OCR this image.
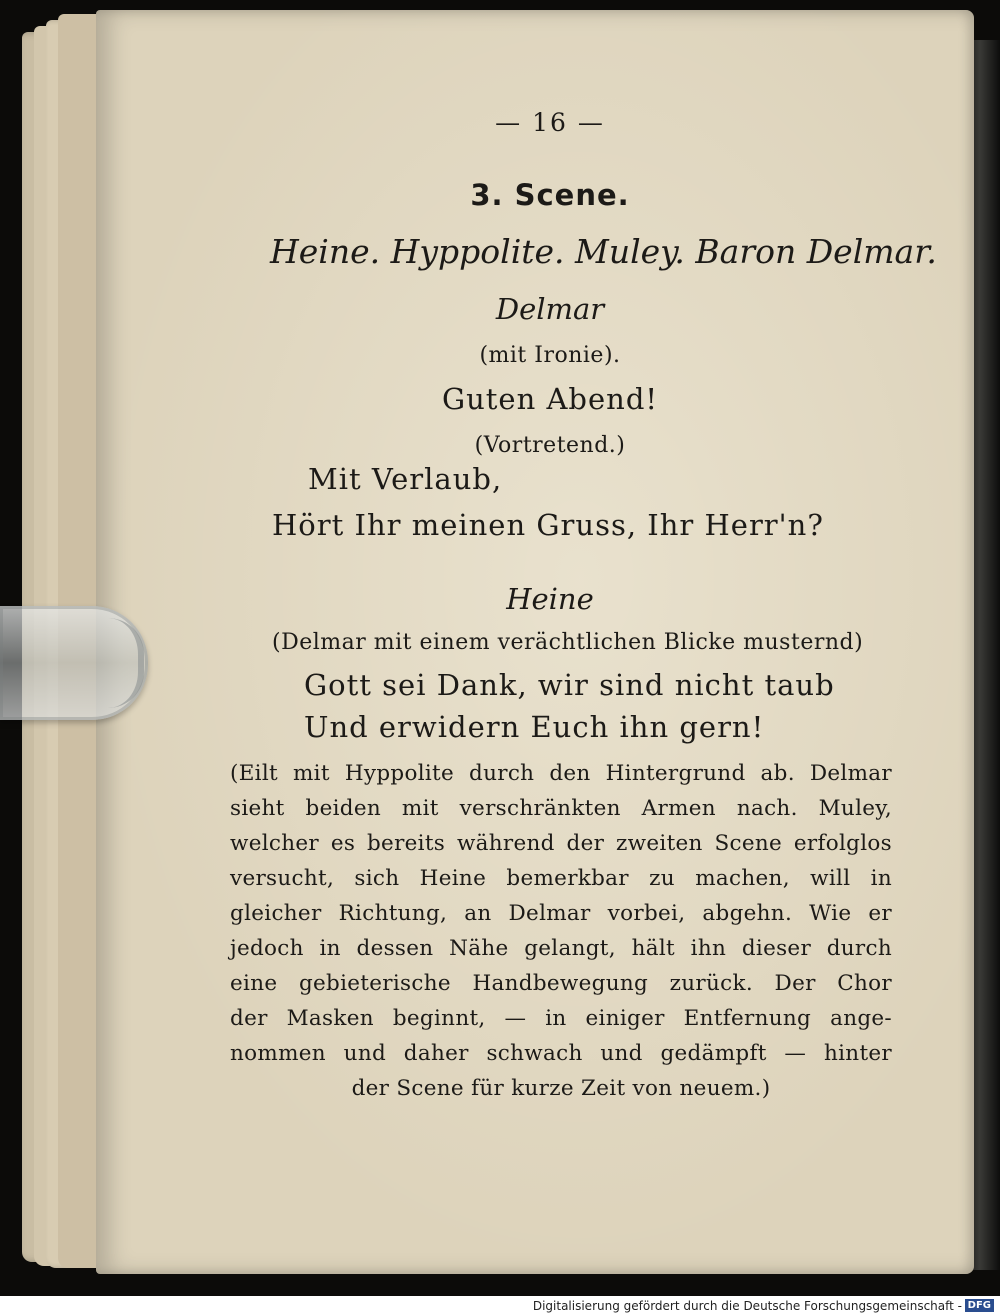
— 16 —
3. Scene.
Heine. Hyppolite. Muley. Baron Delmar.
Delmar
(mit Ironie).
Guten Abend!
(Vortretend.)
Mit Verlaub,
Hört Ihr meinen Gruss, Ihr Herr'n?
Heine
(Delmar mit einem verächtlichen Blicke musternd)
Gott sei Dank, wir sind nicht taub
Und erwidern Euch ihn gern!

(Eilt mit Hyppolite durch den Hintergrund ab. Delmar

sieht beiden mit verschränkten Armen nach. Muley,

welcher es bereits während der zweiten Scene erfolglos

versucht, sich Heine bemerkbar zu machen, will in

gleicher Richtung, an Delmar vorbei, abgehn. Wie er

jedoch in dessen Nähe gelangt, hält ihn dieser durch

eine gebieterische Handbewegung zurück. Der Chor

der Masken beginnt, — in einiger Entfernung ange-

nommen und daher schwach und gedämpft — hinter

der Scene für kurze Zeit von neuem.)

Digitalisierung gefördert durch die Deutsche Forschungsgemeinschaft - DFG
